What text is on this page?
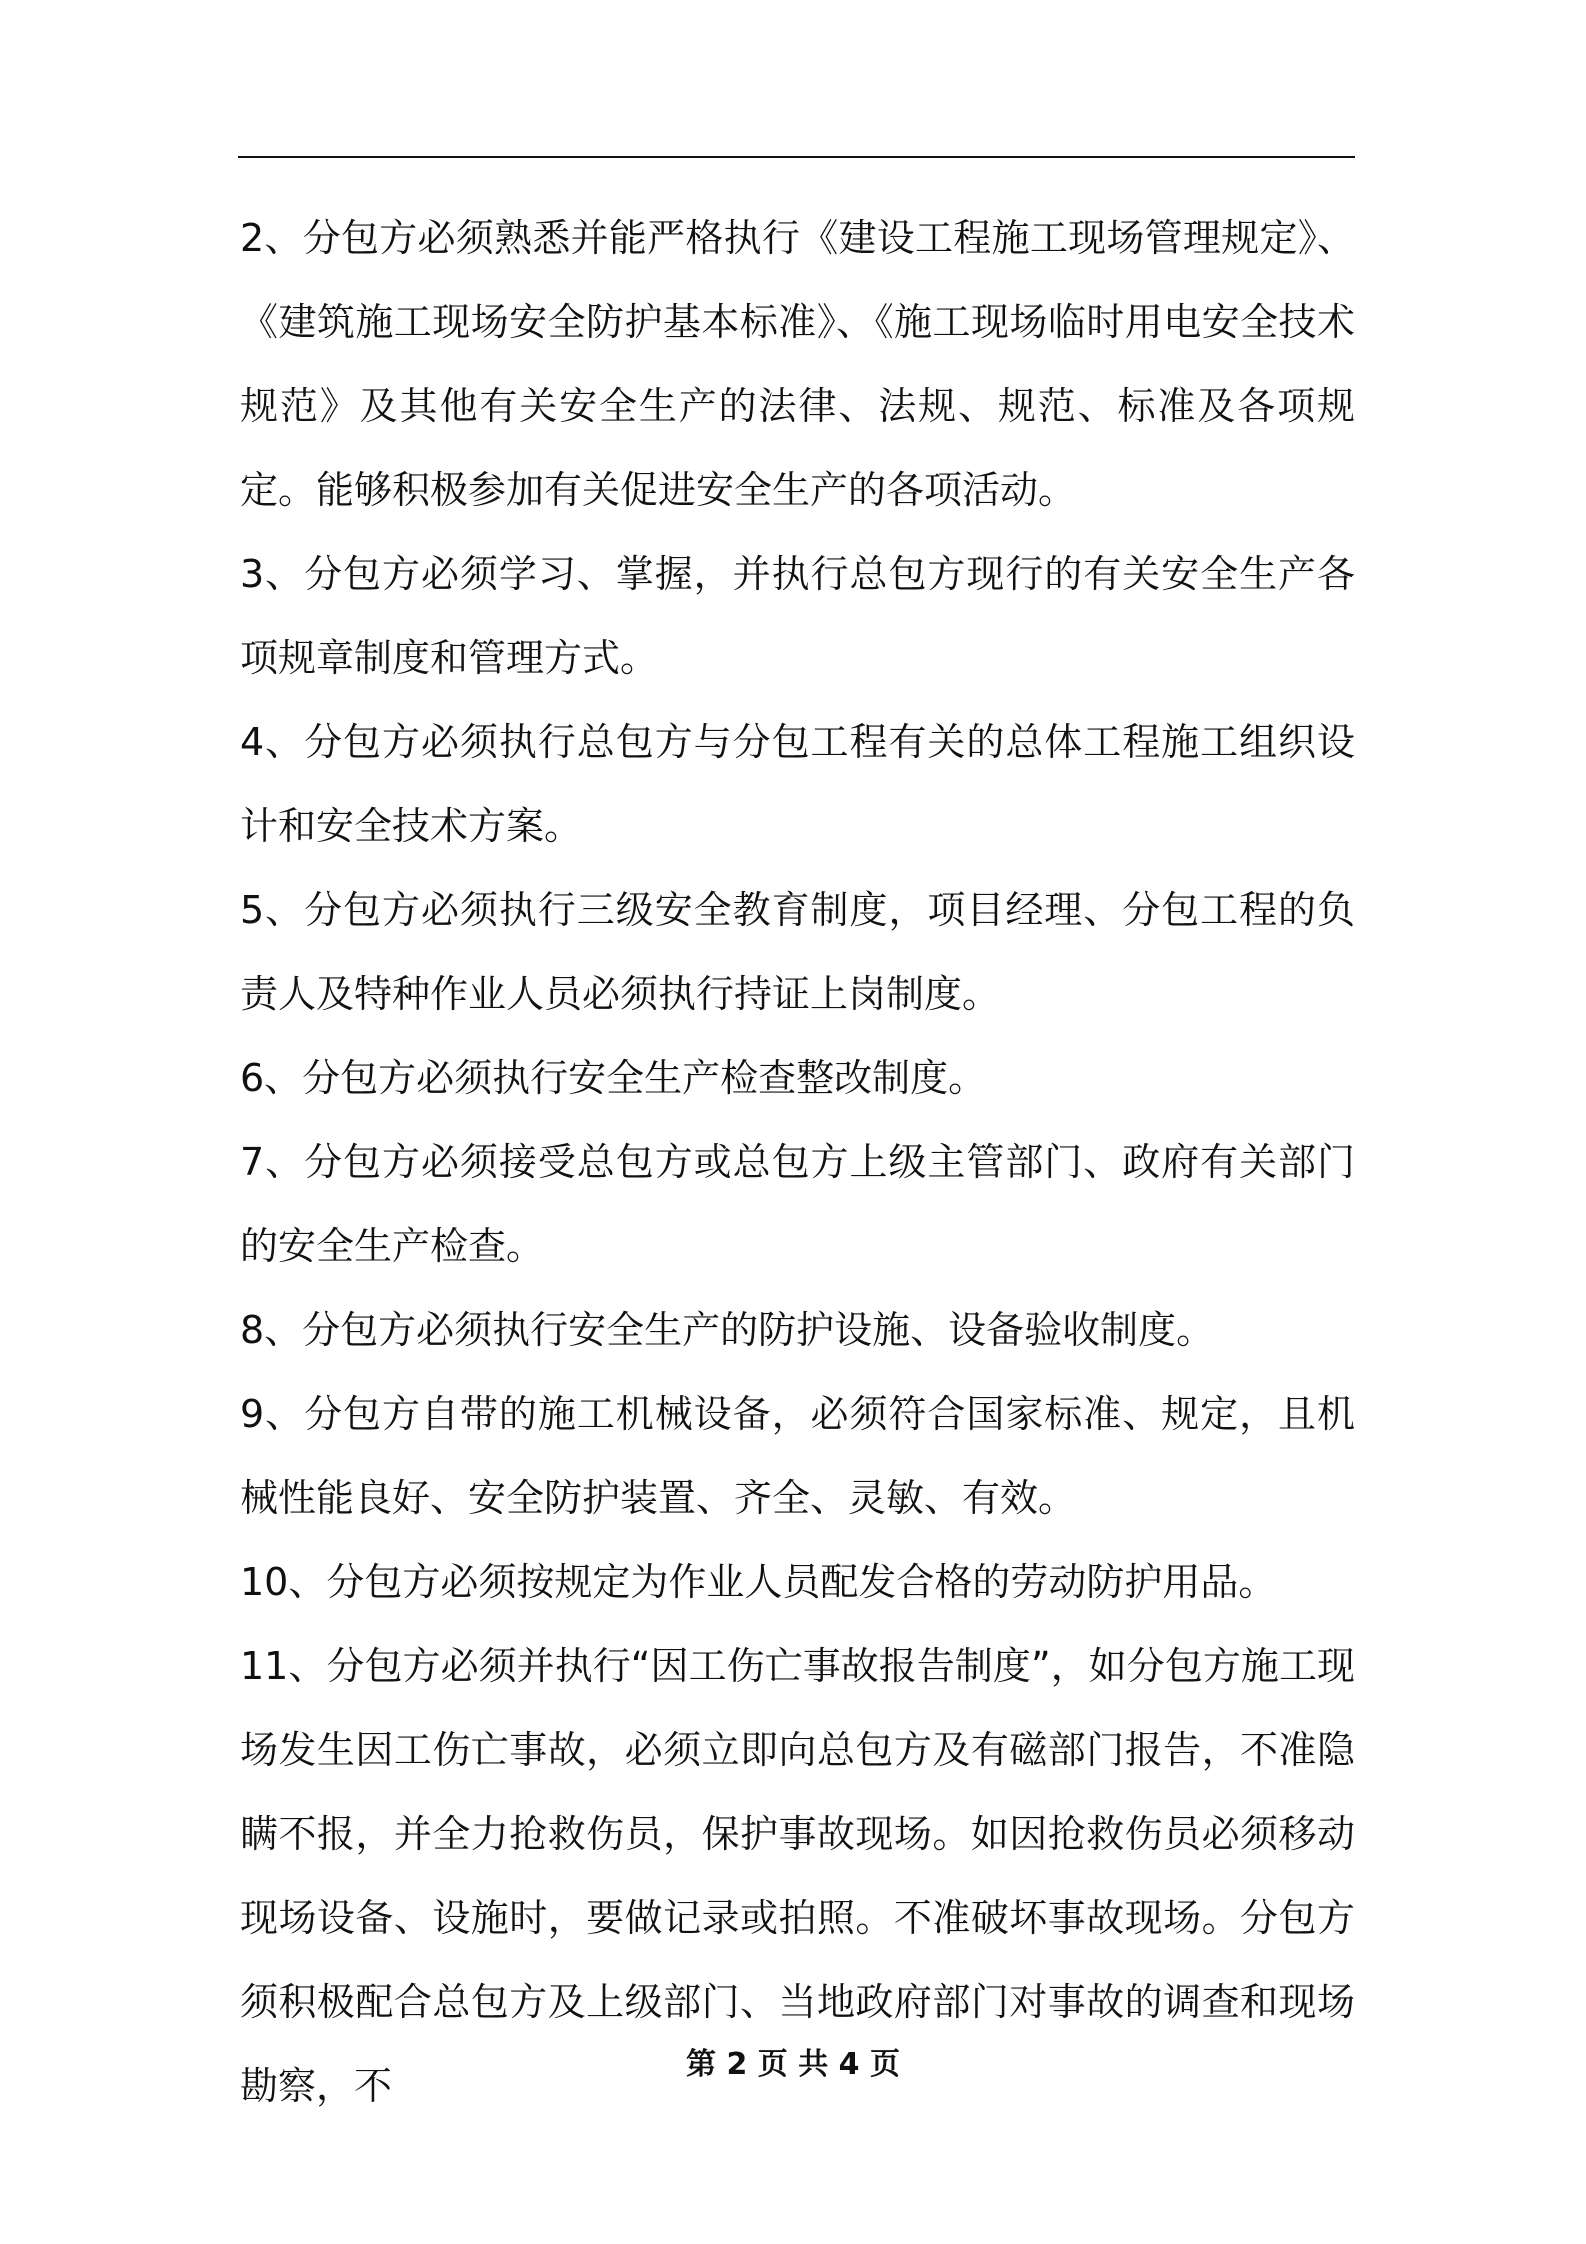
2、分包方必须熟悉并能严格执行《建设工程施工现场管理规定》、《建筑施工现场安全防护基本标准》、《施工现场临时用电安全技术规范》及其他有关安全生产的法律、法规、规范、标准及各项规定。能够积极参加有关促进安全生产的各项活动。

3、分包方必须学习、掌握，并执行总包方现行的有关安全生产各项规章制度和管理方式。

4、分包方必须执行总包方与分包工程有关的总体工程施工组织设计和安全技术方案。

5、分包方必须执行三级安全教育制度，项目经理、分包工程的负责人及特种作业人员必须执行持证上岗制度。

6、分包方必须执行安全生产检查整改制度。

7、分包方必须接受总包方或总包方上级主管部门、政府有关部门的安全生产检查。

8、分包方必须执行安全生产的防护设施、设备验收制度。

9、分包方自带的施工机械设备，必须符合国家标准、规定，且机械性能良好、安全防护装置、齐全、灵敏、有效。

10、分包方必须按规定为作业人员配发合格的劳动防护用品。

11、分包方必须并执行“因工伤亡事故报告制度”，如分包方施工现场发生因工伤亡事故，必须立即向总包方及有磁部门报告，不准隐瞒不报，并全力抢救伤员，保护事故现场。如因抢救伤员必须移动现场设备、设施时，要做记录或拍照。不准破坏事故现场。分包方须积极配合总包方及上级部门、当地政府部门对事故的调查和现场勘察，不	第 2 页 共 4 页
